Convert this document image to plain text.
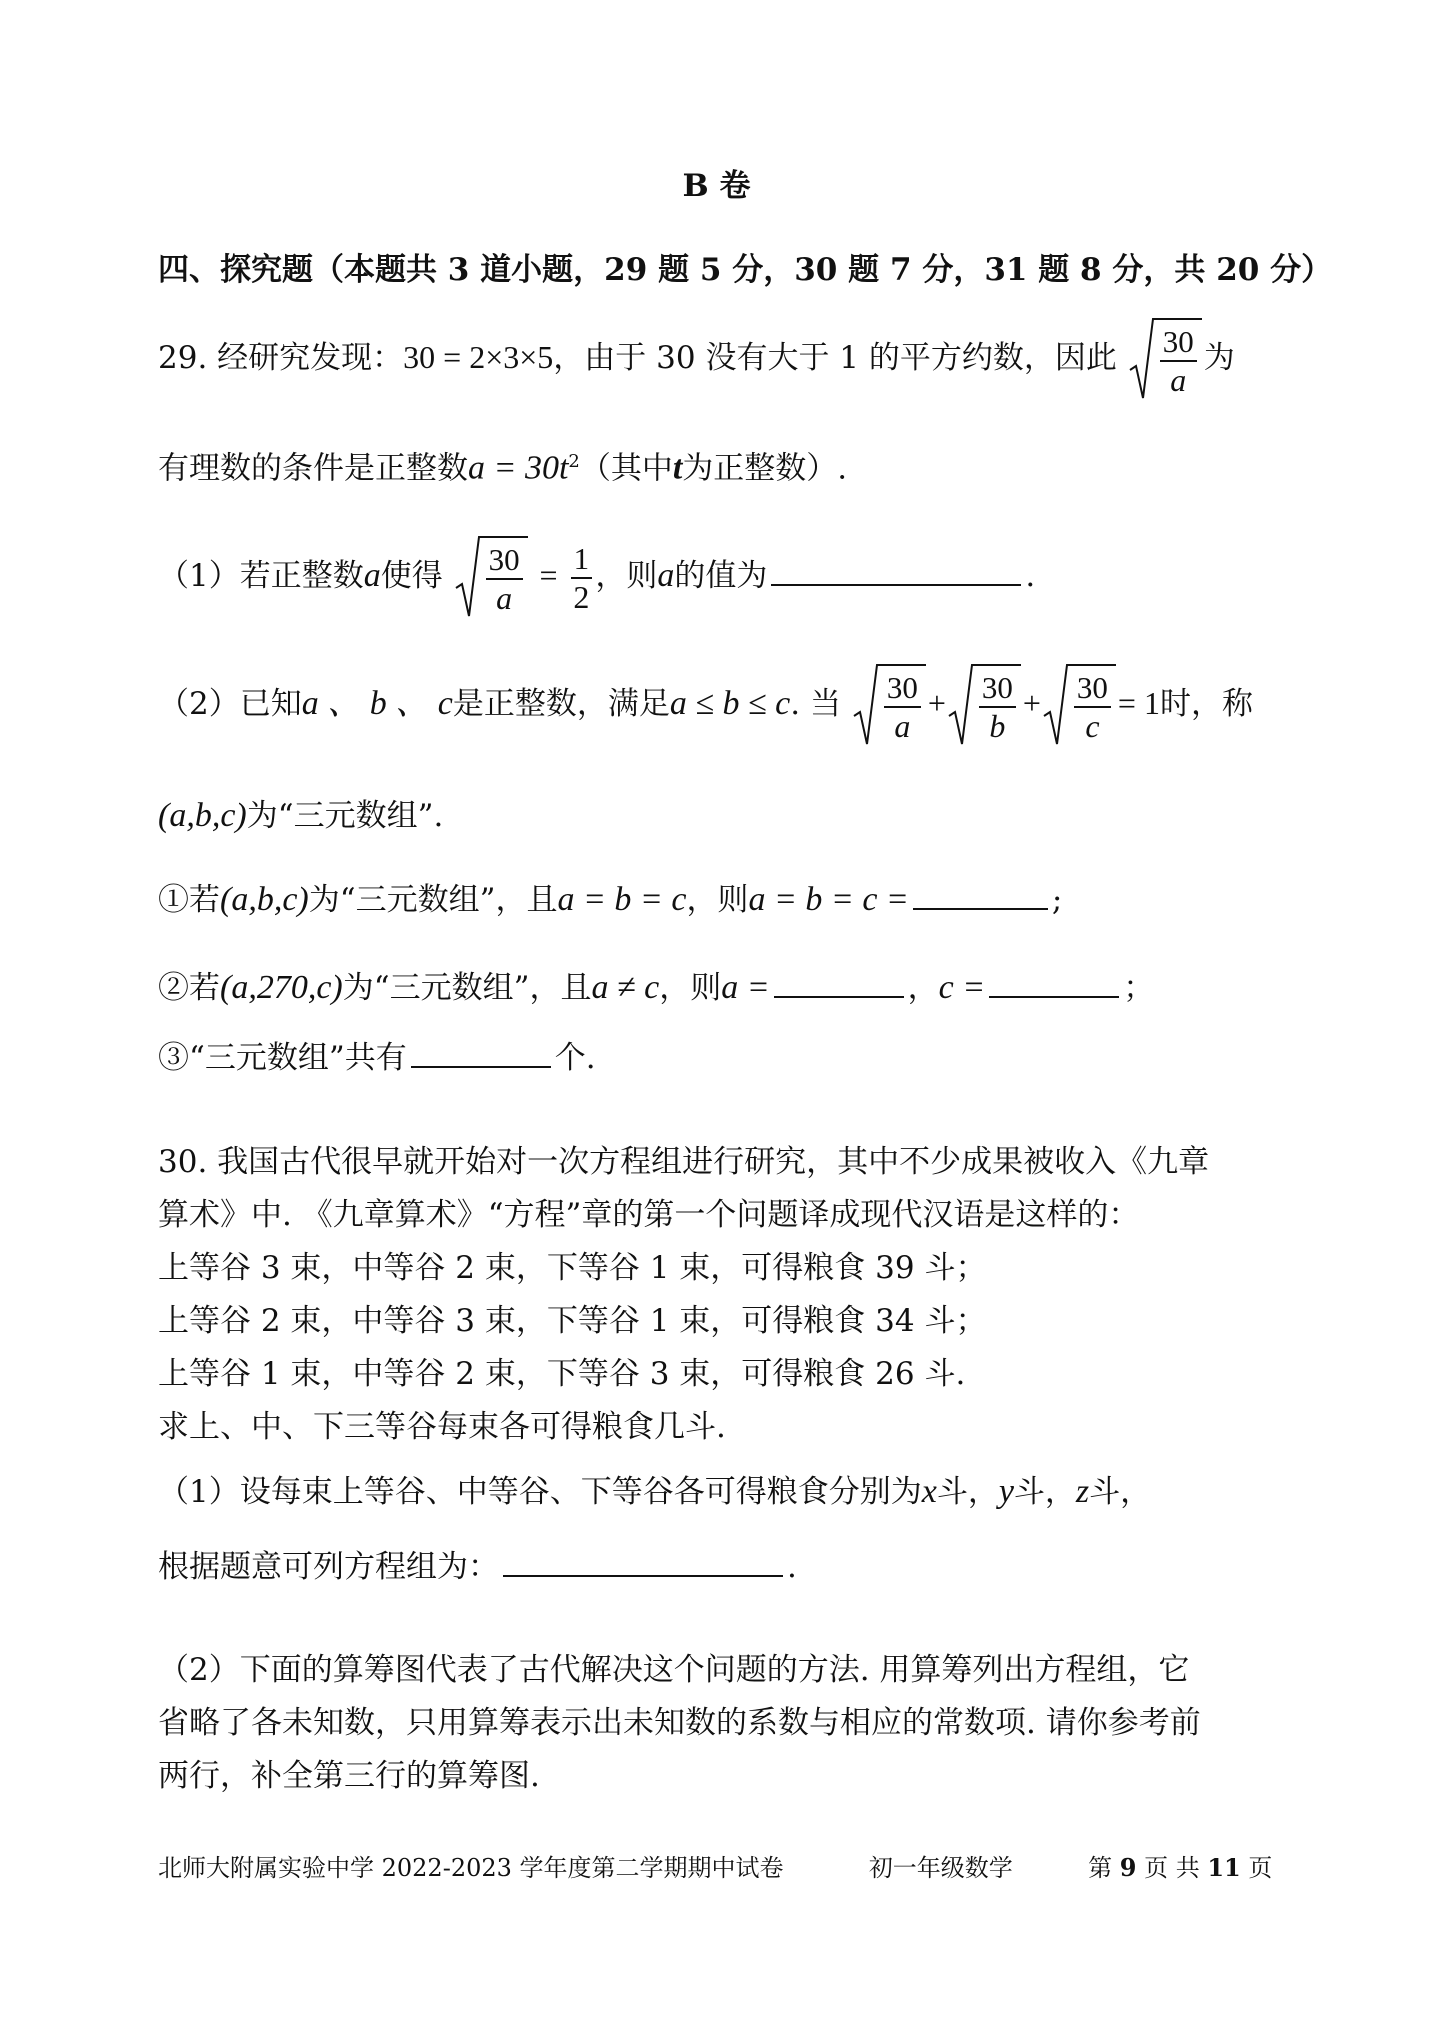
B 卷
四、探究题（本题共 3 道小题，29 题 5 分，30 题 7 分，31 题 8 分，共 20 分）
29. 经研究发现：30 = 2×3×5，由于 30 没有大于 1 的平方约数，因此 $\frac{30}{a}$ 为
有理数的条件是正整数$a = 30t^2$（其中t为正整数）.
（1）若正整数a使得 $\frac{30}{a} = \frac{1}{2}$ ，则a的值为	.
（2）已知a 、 b 、 c是正整数，满足a ≤ b ≤ c. 当 $\frac{30}{a} + \frac{30}{b} + \frac{30}{c} = 1$时，称
(a,b,c)为“三元数组”.
①若(a,b,c)为“三元数组”，且a = b = c，则a = b = c =	;
②若(a,270,c)为“三元数组”，且a ≠ c，则a =	，c =	；
③“三元数组”共有	个.
30. 我国古代很早就开始对一次方程组进行研究，其中不少成果被收入《九章
算术》中. 《九章算术》“方程”章的第一个问题译成现代汉语是这样的：
上等谷 3 束，中等谷 2 束，下等谷 1 束，可得粮食 39 斗；
上等谷 2 束，中等谷 3 束，下等谷 1 束，可得粮食 34 斗；
上等谷 1 束，中等谷 2 束，下等谷 3 束，可得粮食 26 斗.
求上、中、下三等谷每束各可得粮食几斗.
（1）设每束上等谷、中等谷、下等谷各可得粮食分别为x斗，y斗，z斗，
根据题意可列方程组为：	.
（2）下面的算筹图代表了古代解决这个问题的方法. 用算筹列出方程组，它
省略了各未知数，只用算筹表示出未知数的系数与相应的常数项. 请你参考前
两行，补全第三行的算筹图.
北师大附属实验中学 2022-2023 学年度第二学期期中试卷	初一年级数学	第 9 页 共 11 页
